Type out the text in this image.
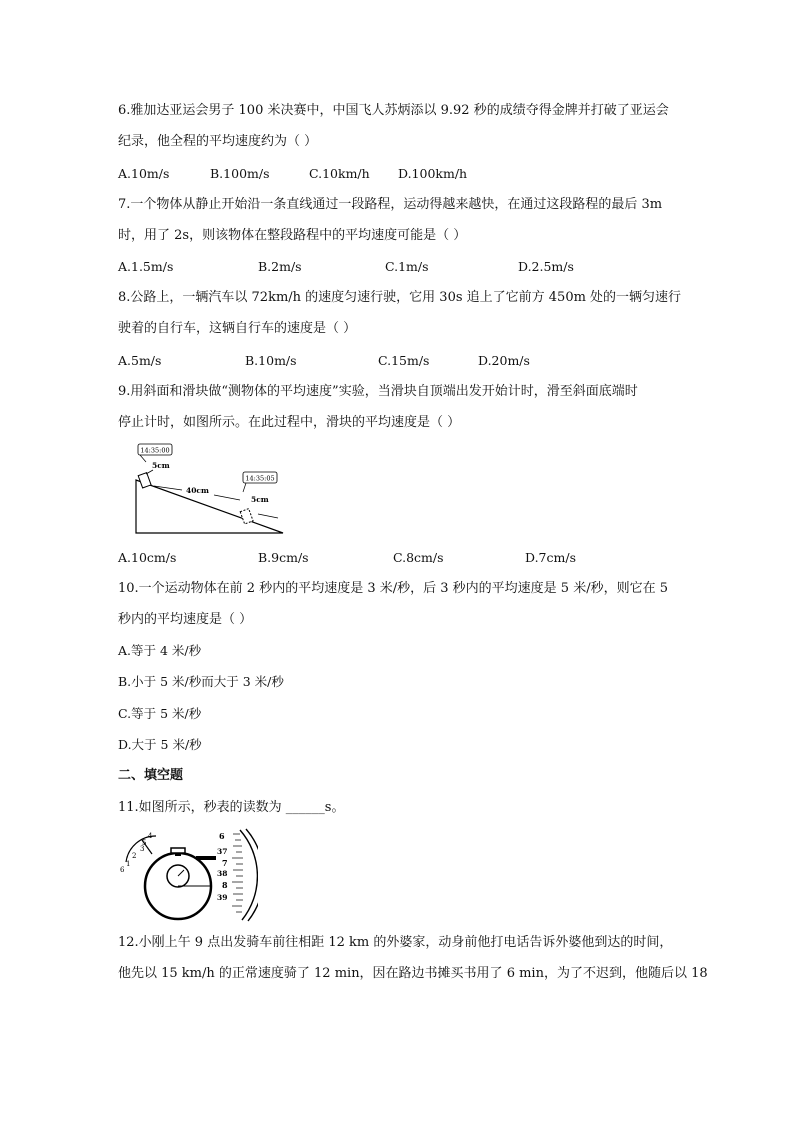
6.雅加达亚运会男子 100 米决赛中，中国飞人苏炳添以 9.92 秒的成绩夺得金牌并打破了亚运会
纪录，他全程的平均速度约为（ ）
A.10m/s	B.100m/s	C.10km/h D.100km/h
7.一个物体从静止开始沿一条直线通过一段路程，运动得越来越快，在通过这段路程的最后 3m
时，用了 2s，则该物体在整段路程中的平均速度可能是（ ）
A.1.5m/s	B.2m/s	C.1m/s	D.2.5m/s
8.公路上，一辆汽车以 72km/h 的速度匀速行驶，它用 30s 追上了它前方 450m 处的一辆匀速行
驶着的自行车，这辆自行车的速度是（ ）
A.5m/s	B.10m/s	C.15m/s	D.20m/s
9.用斜面和滑块做“测物体的平均速度”实验，当滑块自顶端出发开始计时，滑至斜面底端时
停止计时，如图所示。在此过程中，滑块的平均速度是（ ）
14:35:00
5cm
40cm
14:35:05
5cm
A.10cm/s	B.9cm/s	C.8cm/s	D.7cm/s
10.一个运动物体在前 2 秒内的平均速度是 3 米/秒，后 3 秒内的平均速度是 5 米/秒，则它在 5
秒内的平均速度是（ ）
A.等于 4 米/秒
B.小于 5 米/秒而大于 3 米/秒
C.等于 5 米/秒
D.大于 5 米/秒
二、填空题
11.如图所示，秒表的读数为 ______s。
1
2
3
4
5
6
6
37
7
38
8
39
12.小刚上午 9 点出发骑车前往相距 12 km 的外婆家，动身前他打电话告诉外婆他到达的时间，
他先以 15 km/h 的正常速度骑了 12 min，因在路边书摊买书用了 6 min，为了不迟到，他随后以 18
